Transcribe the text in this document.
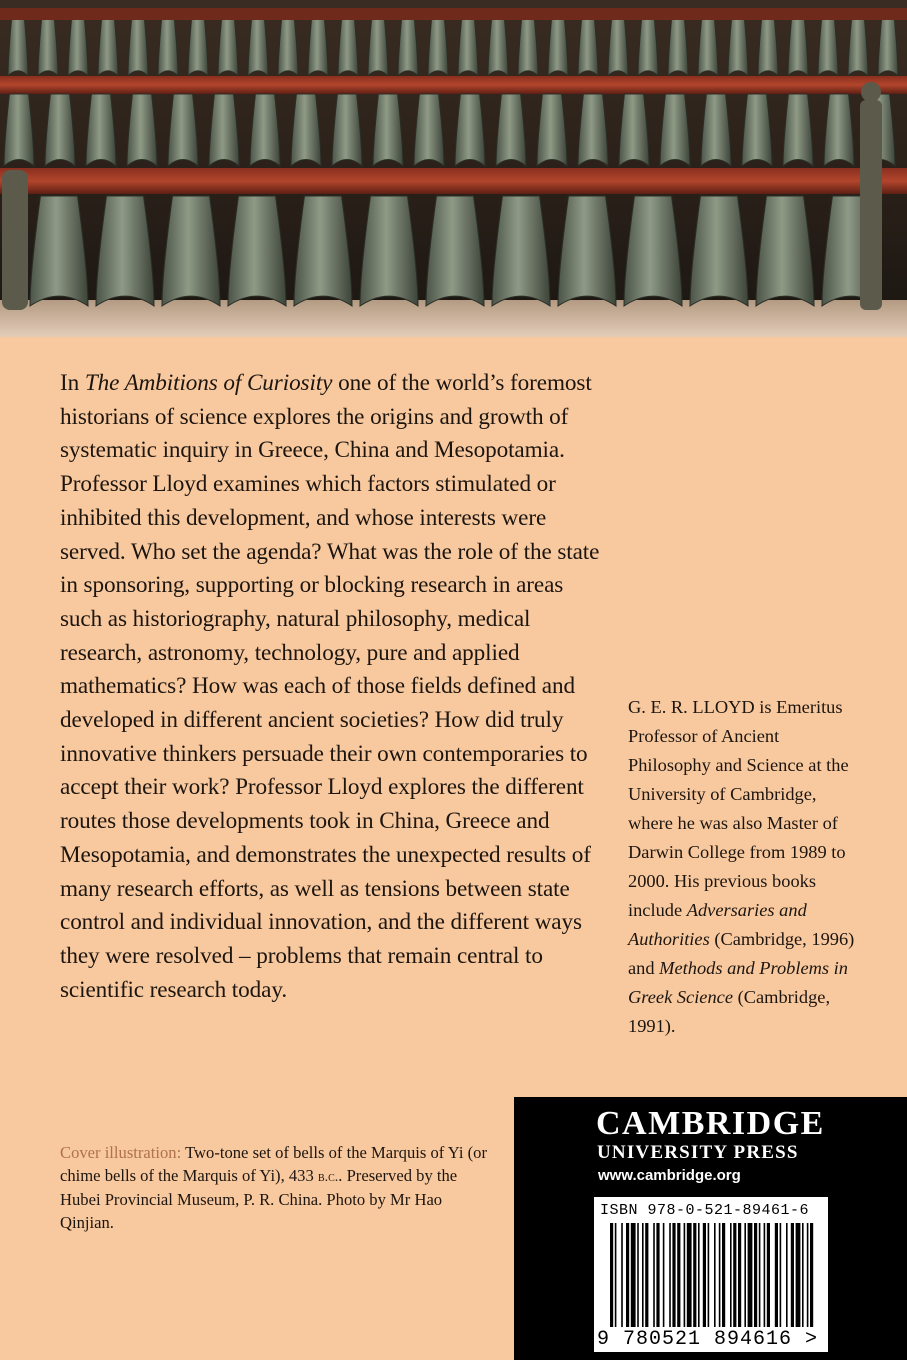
In The Ambitions of Curiosity one of the world’s foremost historians of science explores the origins and growth of systematic inquiry in Greece, China and Mesopotamia. Professor Lloyd examines which factors stimulated or inhibited this development, and whose interests were served. Who set the agenda? What was the role of the state in sponsoring, supporting or blocking research in areas such as historiography, natural philosophy, medical research, astronomy, technology, pure and applied mathematics? How was each of those fields defined and developed in different ancient societies? How did truly innovative thinkers persuade their own contemporaries to accept their work? Professor Lloyd explores the different routes those developments took in China, Greece and Mesopotamia, and demonstrates the unexpected results of many research efforts, as well as tensions between state control and individual innovation, and the different ways they were resolved – problems that remain central to scientific research today.

G. E. R. LLOYD is Emeritus Professor of Ancient Philosophy and Science at the University of Cambridge, where he was also Master of Darwin College from 1989 to 2000. His previous books include Adversaries and Authorities (Cambridge, 1996) and Methods and Problems in Greek Science (Cambridge, 1991).

Cover illustration: Two-tone set of bells of the Marquis of Yi (or chime bells of the Marquis of Yi), 433 b.c.. Preserved by the Hubei Provincial Museum, P. R. China. Photo by Mr Hao Qinjian.

CAMBRIDGE
UNIVERSITY PRESS
www.cambridge.org
ISBN 978-0-521-89461-6
9 780521 894616 >
